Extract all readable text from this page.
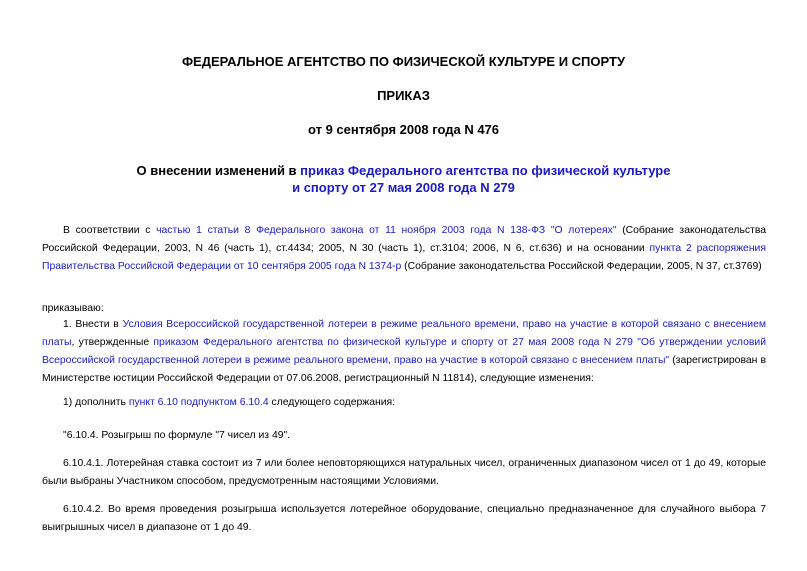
ФЕДЕРАЛЬНОЕ АГЕНТСТВО ПО ФИЗИЧЕСКОЙ КУЛЬТУРЕ И СПОРТУ
ПРИКАЗ
от 9 сентября 2008 года N 476
О внесении изменений в приказ Федерального агентства по физической культуре
и спорту от 27 мая 2008 года N 279
В соответствии с частью 1 статьи 8 Федерального закона от 11 ноября 2003 года N 138-ФЗ "О лотереях" (Собрание законодательства Российской Федерации, 2003, N 46 (часть 1), ст.4434; 2005, N 30 (часть 1), ст.3104; 2006, N 6, ст.636) и на основании пункта 2 распоряжения Правительства Российской Федерации от 10 сентября 2005 года N 1374-р (Собрание законодательства Российской Федерации, 2005, N 37, ст.3769)
приказываю:
1. Внести в Условия Всероссийской государственной лотереи в режиме реального времени, право на участие в которой связано с внесением платы, утвержденные приказом Федерального агентства по физической культуре и спорту от 27 мая 2008 года N 279 "Об утверждении условий Всероссийской государственной лотереи в режиме реального времени, право на участие в которой связано с внесением платы" (зарегистрирован в Министерстве юстиции Российской Федерации от 07.06.2008, регистрационный N 11814), следующие изменения:
1) дополнить пункт 6.10 подпунктом 6.10.4 следующего содержания:
"6.10.4. Розыгрыш по формуле "7 чисел из 49".
6.10.4.1. Лотерейная ставка состоит из 7 или более неповторяющихся натуральных чисел, ограниченных диапазоном чисел от 1 до 49, которые были выбраны Участником способом, предусмотренным настоящими Условиями.
6.10.4.2. Во время проведения розыгрыша используется лотерейное оборудование, специально предназначенное для случайного выбора 7 выигрышных чисел в диапазоне от 1 до 49.
